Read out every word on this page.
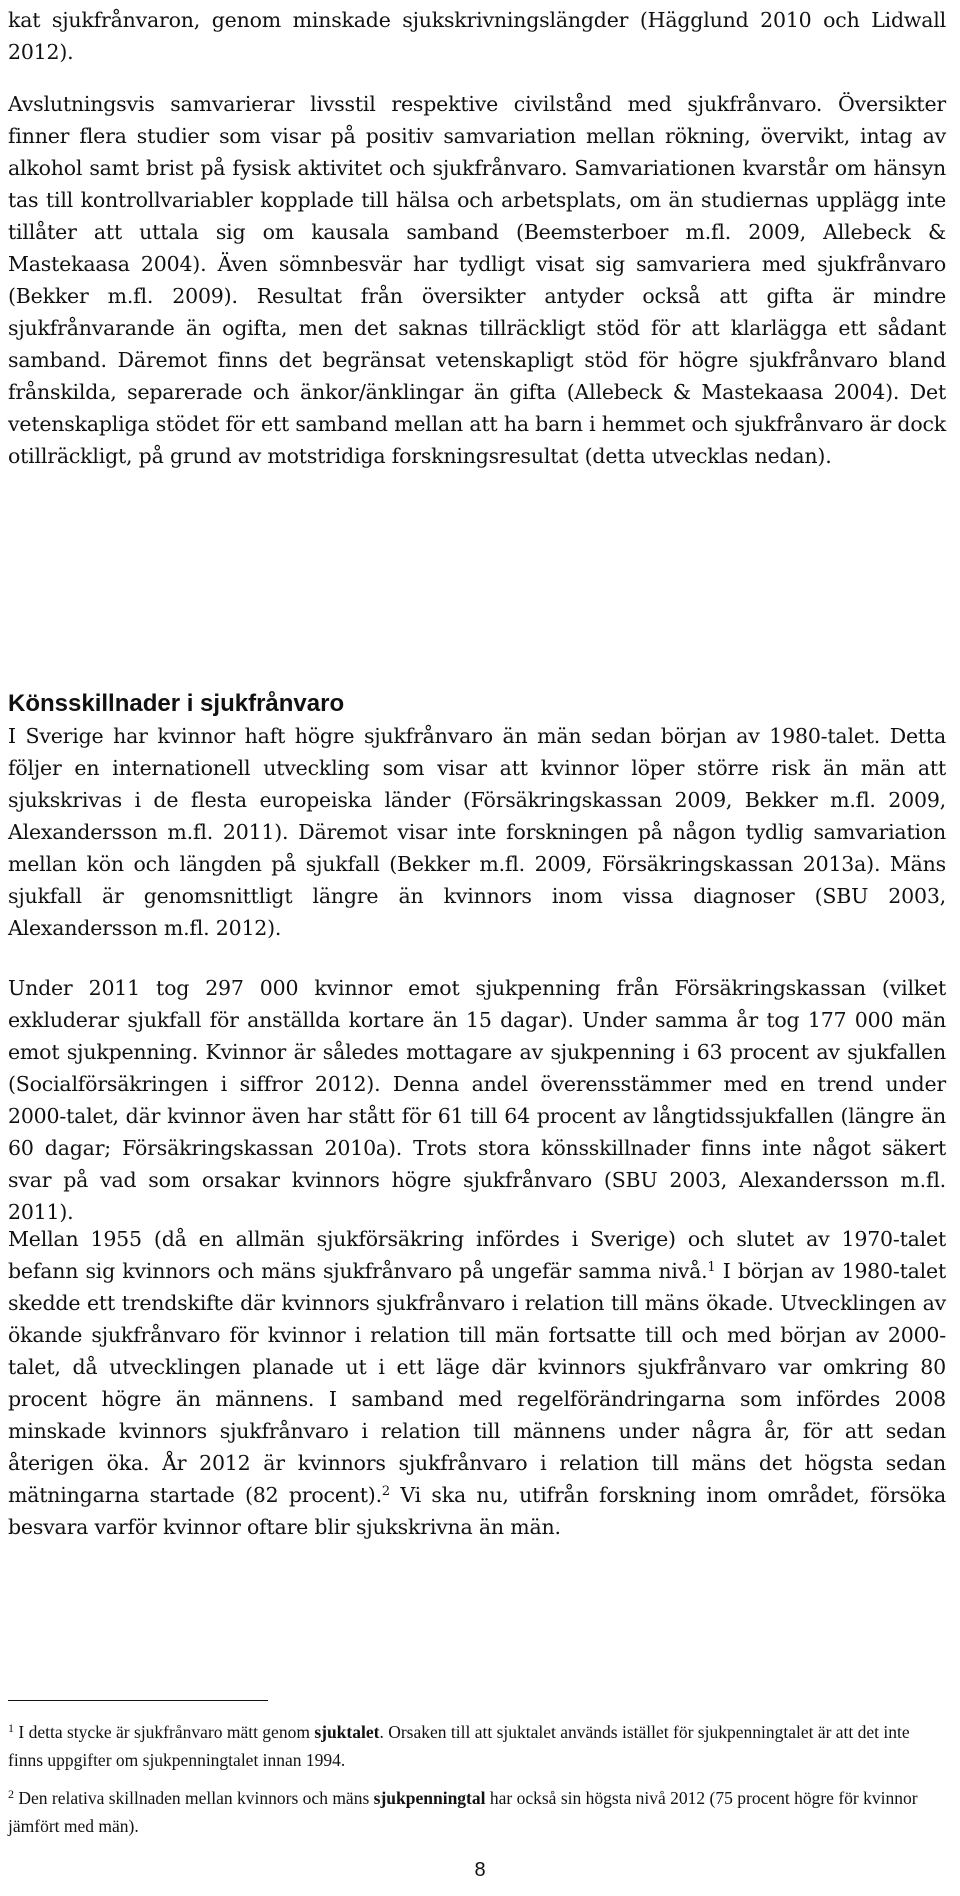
kat sjukfrånvaron, genom minskade sjukskrivningslängder (Hägglund 2010 och Lidwall 2012).

Avslutningsvis samvarierar livsstil respektive civilstånd med sjukfrånvaro. Översikter finner flera studier som visar på positiv samvariation mellan rökning, övervikt, intag av alkohol samt brist på fysisk aktivitet och sjukfrånvaro. Samvariationen kvarstår om hänsyn tas till kontrollvariabler kopplade till hälsa och arbetsplats, om än studiernas upplägg inte tillåter att uttala sig om kausala samband (Beemsterboer m.fl. 2009, Allebeck & Mastekaasa 2004). Även sömnbesvär har tydligt visat sig samvariera med sjukfrånvaro (Bekker m.fl. 2009). Resultat från översikter antyder också att gifta är mindre sjukfrånvarande än ogifta, men det saknas tillräckligt stöd för att klarlägga ett sådant samband. Däremot finns det begränsat vetenskapligt stöd för högre sjukfrånvaro bland frånskilda, separerade och änkor/änklingar än gifta (Allebeck & Mastekaasa 2004). Det vetenskapliga stödet för ett samband mellan att ha barn i hemmet och sjukfrånvaro är dock otillräckligt, på grund av motstridiga forskningsresultat (detta utvecklas nedan).

Könsskillnader i sjukfrånvaro

I Sverige har kvinnor haft högre sjukfrånvaro än män sedan början av 1980-talet. Detta följer en internationell utveckling som visar att kvinnor löper större risk än män att sjukskrivas i de flesta europeiska länder (Försäkringskassan 2009, Bekker m.fl. 2009, Alexandersson m.fl. 2011). Däremot visar inte forskningen på någon tydlig samvariation mellan kön och längden på sjukfall (Bekker m.fl. 2009, Försäkringskassan 2013a). Mäns sjukfall är genomsnittligt längre än kvinnors inom vissa diagnoser (SBU 2003, Alexandersson m.fl. 2012).

Under 2011 tog 297 000 kvinnor emot sjukpenning från Försäkringskassan (vilket exkluderar sjukfall för anställda kortare än 15 dagar). Under samma år tog 177 000 män emot sjukpenning. Kvinnor är således mottagare av sjukpenning i 63 procent av sjukfallen (Socialförsäkringen i siffror 2012). Denna andel överensstämmer med en trend under 2000-talet, där kvinnor även har stått för 61 till 64 procent av långtidssjukfallen (längre än 60 dagar; Försäkringskassan 2010a). Trots stora könsskillnader finns inte något säkert svar på vad som orsakar kvinnors högre sjukfrånvaro (SBU 2003, Alexandersson m.fl. 2011).

Mellan 1955 (då en allmän sjukförsäkring infördes i Sverige) och slutet av 1970-talet befann sig kvinnors och mäns sjukfrånvaro på ungefär samma nivå.$^1$ I början av 1980-talet skedde ett trendskifte där kvinnors sjukfrånvaro i relation till mäns ökade. Utvecklingen av ökande sjukfrånvaro för kvinnor i relation till män fortsatte till och med början av 2000-talet, då utvecklingen planade ut i ett läge där kvinnors sjukfrånvaro var omkring 80 procent högre än männens. I samband med regelförändringarna som infördes 2008 minskade kvinnors sjukfrånvaro i relation till männens under några år, för att sedan återigen öka. År 2012 är kvinnors sjukfrånvaro i relation till mäns det högsta sedan mätningarna startade (82 procent).$^2$ Vi ska nu, utifrån forskning inom området, försöka besvara varför kvinnor oftare blir sjukskrivna än män.

$^1$ I detta stycke är sjukfrånvaro mätt genom sjuktalet. Orsaken till att sjuktalet används istället för sjukpenningtalet är att det inte finns uppgifter om sjukpenningtalet innan 1994.

$^2$ Den relativa skillnaden mellan kvinnors och mäns sjukpenningtal har också sin högsta nivå 2012 (75 procent högre för kvinnor jämfört med män).

8
